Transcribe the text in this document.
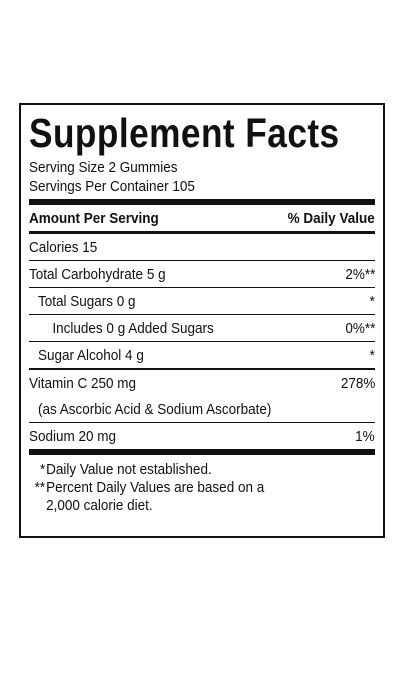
Supplement Facts
Serving Size 2 Gummies
Servings Per Container 105
Amount Per Serving	% Daily Value
Calories 15
Total Carbohydrate 5 g	2%**
Total Sugars 0 g	*
Includes 0 g Added Sugars	0%**
Sugar Alcohol 4 g	*
Vitamin C 250 mg	278%
(as Ascorbic Acid & Sodium Ascorbate)
Sodium 20 mg	1%
* Daily Value not established.
** Percent Daily Values are based on a
2,000 calorie diet.
